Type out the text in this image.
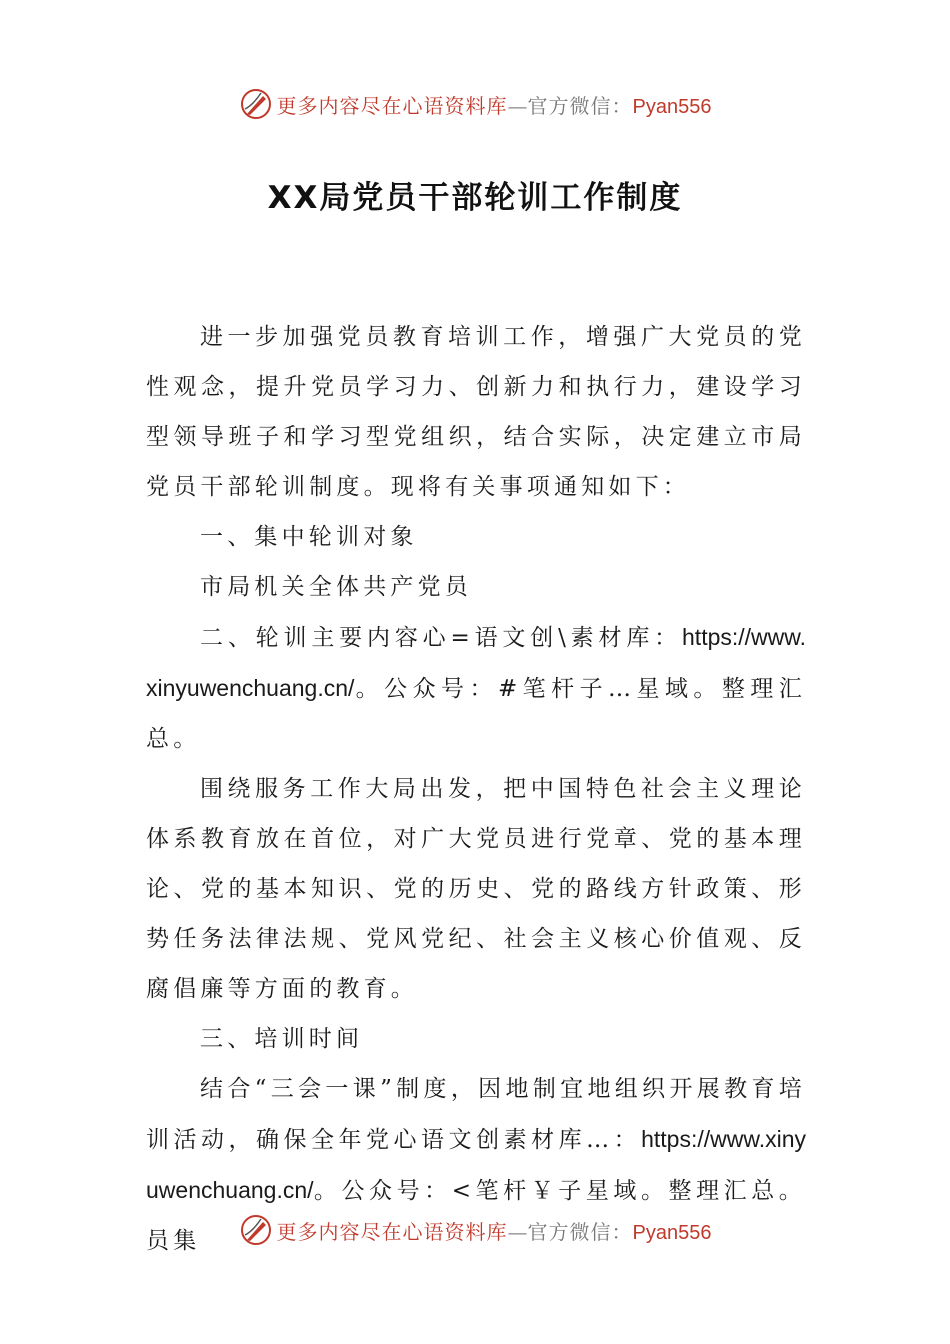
更多内容尽在心语资料库—官方微信：Pyan556
XX局党员干部轮训工作制度

进一步加强党员教育培训工作，增强广大党员的党性观念，提升党员学习力、创新力和执行力，建设学习型领导班子和学习型党组织，结合实际，决定建立市局党员干部轮训制度。现将有关事项通知如下：

一、集中轮训对象

市局机关全体共产党员

二、轮训主要内容心=语文创\素材库：https://www.xinyuwenchuang.cn/。公众号：#笔杆子…星域。整理汇总。

围绕服务工作大局出发，把中国特色社会主义理论体系教育放在首位，对广大党员进行党章、党的基本理论、党的基本知识、党的历史、党的路线方针政策、形势任务法律法规、党风党纪、社会主义核心价值观、反腐倡廉等方面的教育。

三、培训时间

结合“三会一课”制度，因地制宜地组织开展教育培训活动，确保全年党心语文创素材库…：https://www.xinyuwenchuang.cn/。公众号：<笔杆￥子星域。整理汇总。员集	更多内容尽在心语资料库—官方微信：Pyan556
